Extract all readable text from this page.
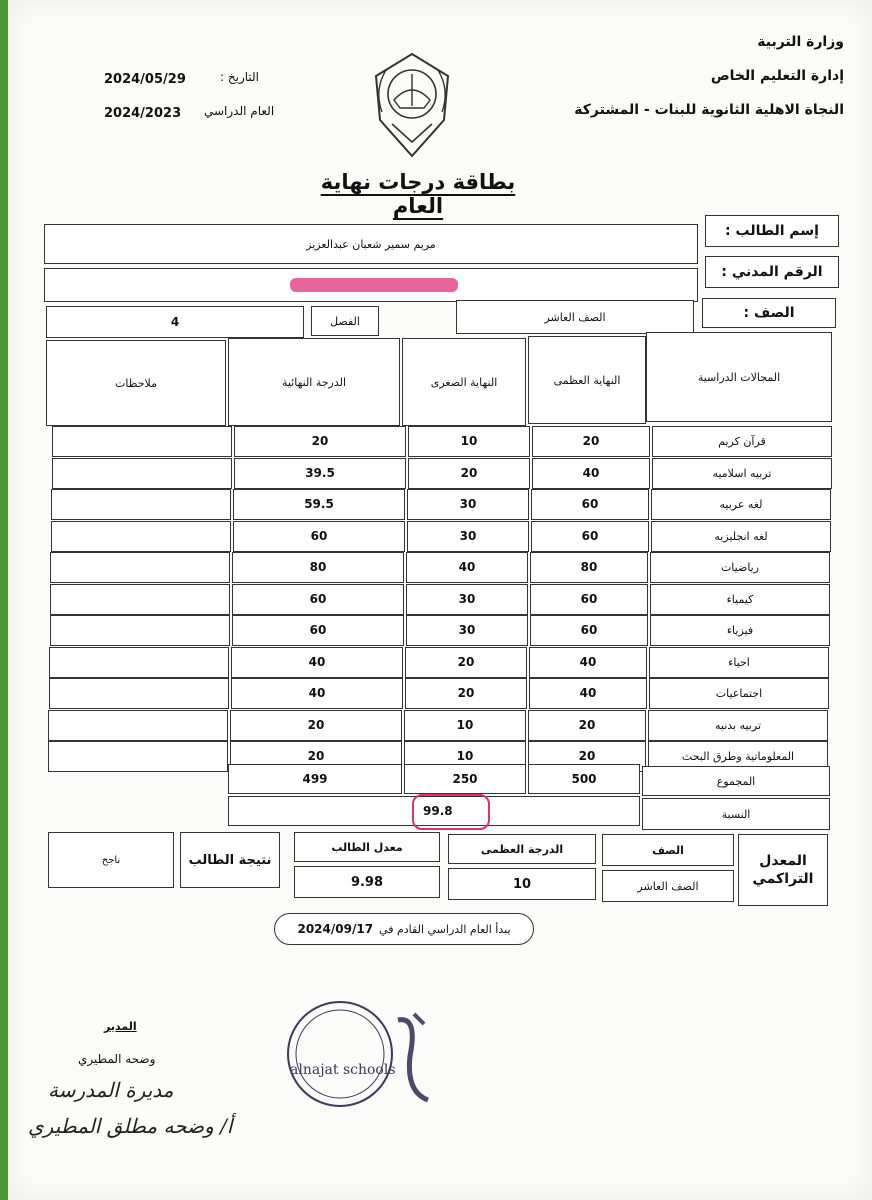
وزارة التربية
إدارة التعليم الخاص
النجاة الاهلية الثانوية للبنات - المشتركة
التاريخ :
2024/05/29
العام الدراسي
2024/2023
بطاقة درجات نهاية العام
إسم الطالب :
مريم سمير شعبان عبدالعزيز
الرقم المدني :
الصف :
الصف العاشر
الفصل
4
المجالات الدراسية
النهاية العظمى
النهاية الصغرى
الدرجة النهائية
ملاحظات
قرآن كريم
20
10
20
تربيه اسلاميه
40
20
39.5
لغه عربيه
60
30
59.5
لغه انجليزيه
60
30
60
رياضيات
80
40
80
كيمياء
60
30
60
فيزياء
60
30
60
احياء
40
20
40
اجتماعيات
40
20
40
تربيه بدنيه
20
10
20
المعلوماتية وطرق البحث
20
10
20
المجموع
500
250
499
النسبة
99.8
المعدل
التراكمي
الصف
الصف العاشر
الدرجة العظمى
10
معدل الطالب
9.98
نتيجة الطالب
ناجح
يبدأ العام الدراسي القادم في
2024/09/17
المدير
وضحه المطيري
مديرة المدرسة
أ/ وضحه مطلق المطيري
alnajat schools
